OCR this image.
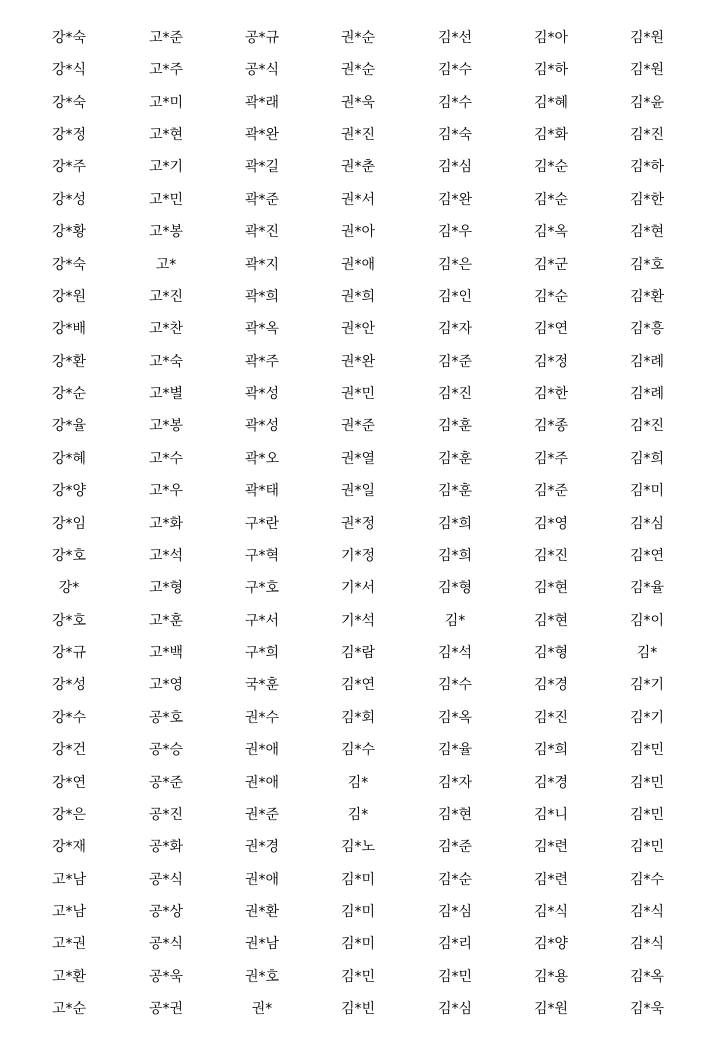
강*숙
강*식
강*숙
강*정
강*주
강*성
강*황
강*숙
강*원
강*배
강*환
강*순
강*율
강*혜
강*양
강*임
강*호
강*
강*호
강*규
강*성
강*수
강*건
강*연
강*은
강*재
고*남
고*남
고*권
고*환
고*순
고*준
고*주
고*미
고*현
고*기
고*민
고*봉
고*
고*진
고*찬
고*숙
고*별
고*봉
고*수
고*우
고*화
고*석
고*형
고*훈
고*백
고*영
공*호
공*승
공*준
공*진
공*화
공*식
공*상
공*식
공*욱
공*권
공*규
공*식
곽*래
곽*완
곽*길
곽*준
곽*진
곽*지
곽*희
곽*옥
곽*주
곽*성
곽*성
곽*오
곽*태
구*란
구*혁
구*호
구*서
구*희
국*훈
권*수
권*애
권*애
권*준
권*경
권*애
권*환
권*남
권*호
권*
권*순
권*순
권*욱
권*진
권*춘
권*서
권*아
권*애
권*희
권*안
권*완
권*민
권*준
권*열
권*일
권*정
기*정
기*서
기*석
김*람
김*연
김*회
김*수
김*
김*
김*노
김*미
김*미
김*미
김*민
김*빈
김*선
김*수
김*수
김*숙
김*심
김*완
김*우
김*은
김*인
김*자
김*준
김*진
김*훈
김*훈
김*훈
김*희
김*희
김*형
김*
김*석
김*수
김*옥
김*율
김*자
김*현
김*준
김*순
김*심
김*리
김*민
김*심
김*아
김*하
김*혜
김*화
김*순
김*순
김*옥
김*군
김*순
김*연
김*정
김*한
김*종
김*주
김*준
김*영
김*진
김*현
김*현
김*형
김*경
김*진
김*희
김*경
김*니
김*련
김*련
김*식
김*양
김*용
김*원
김*원
김*원
김*윤
김*진
김*하
김*한
김*현
김*호
김*환
김*흥
김*례
김*례
김*진
김*희
김*미
김*심
김*연
김*율
김*이
김*
김*기
김*기
김*민
김*민
김*민
김*민
김*수
김*식
김*식
김*옥
김*욱
